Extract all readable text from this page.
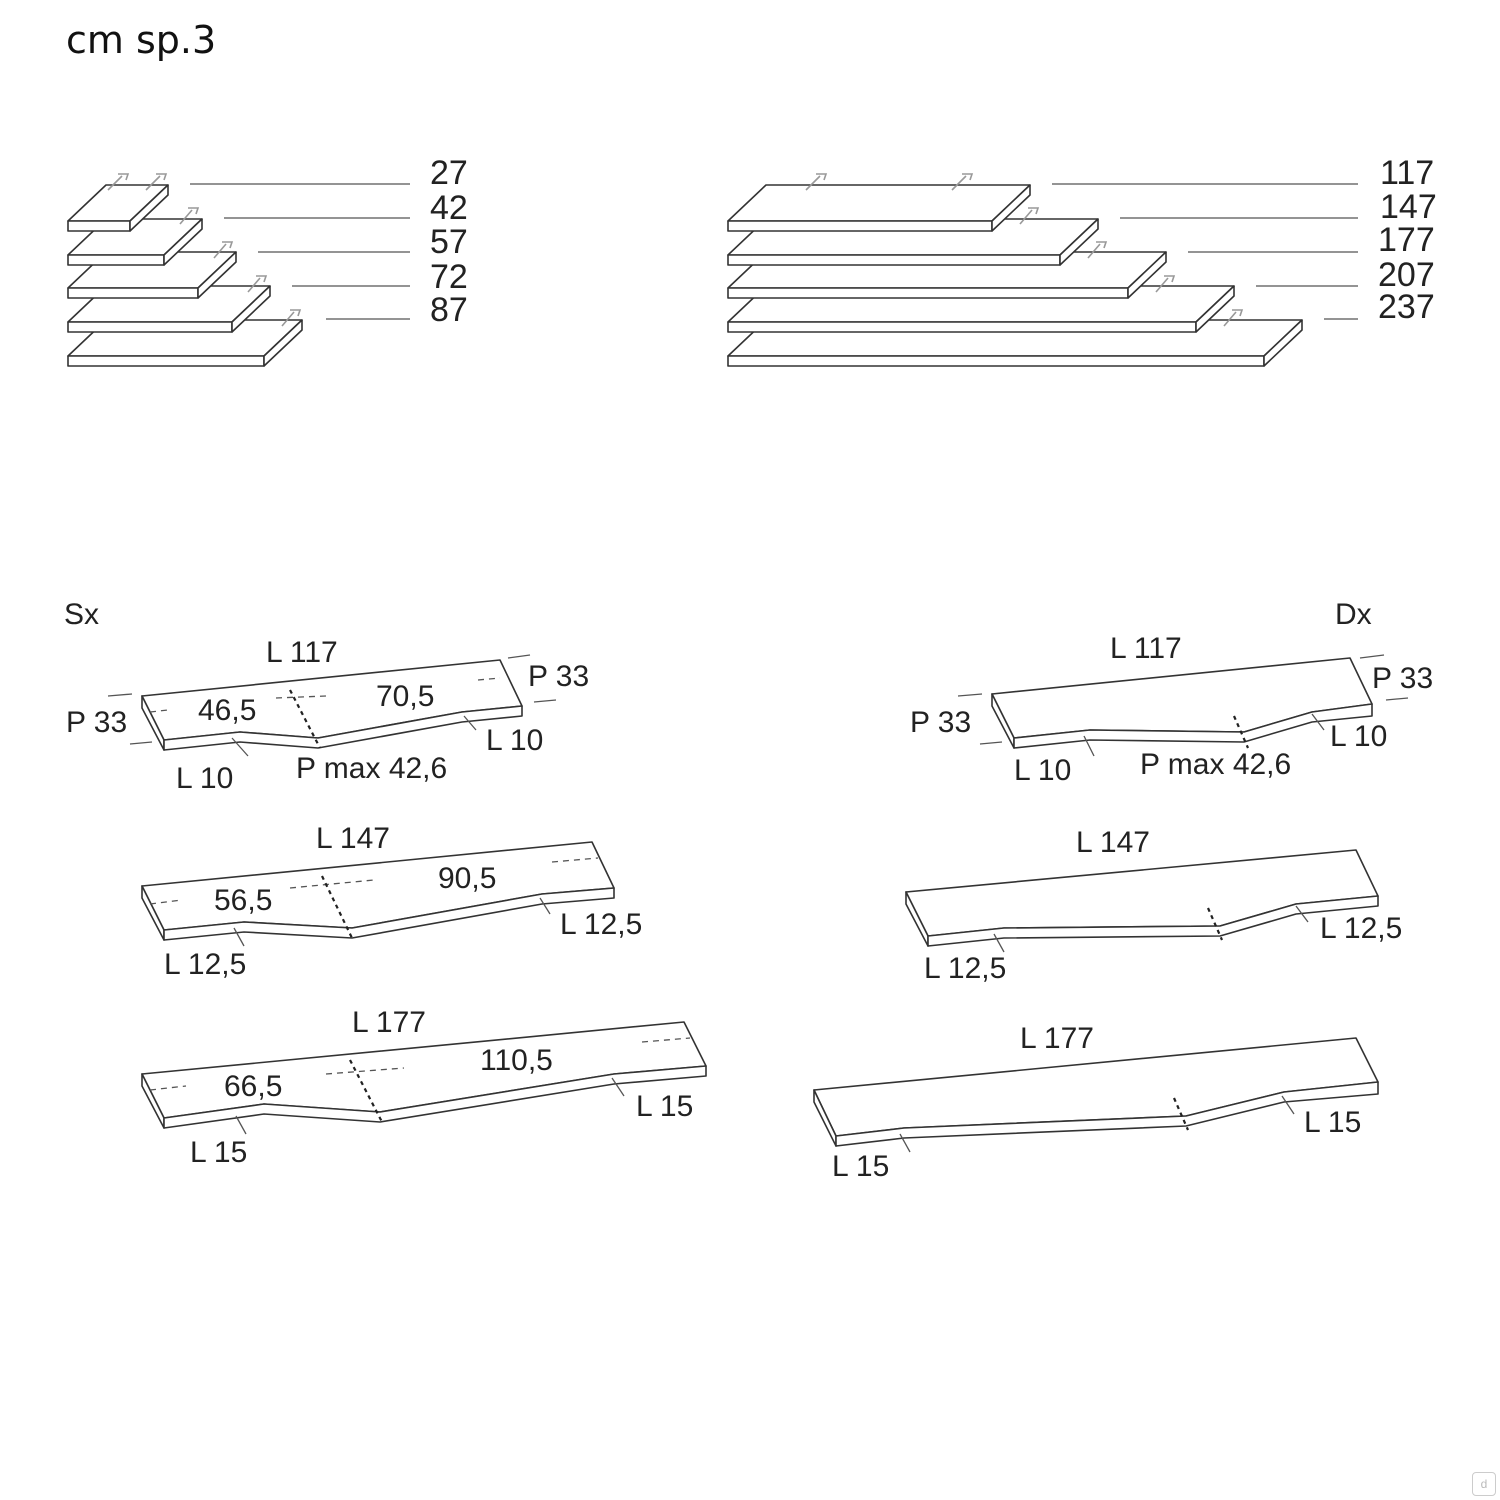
cm sp.3
27
42
57
72
87
117
147
177
207
237
Sx	Dx
L 117
P 33
P 33
46,5	70,5
L 10
L 10
P max 42,6
L 147
56,5
90,5
L 12,5
L 12,5
L 177
66,5
110,5
L 15
L 15
L 117
P 33
P 33
L 10
L 10
P max 42,6
L 147
L 12,5
L 12,5
L 177
L 15
L 15
d
